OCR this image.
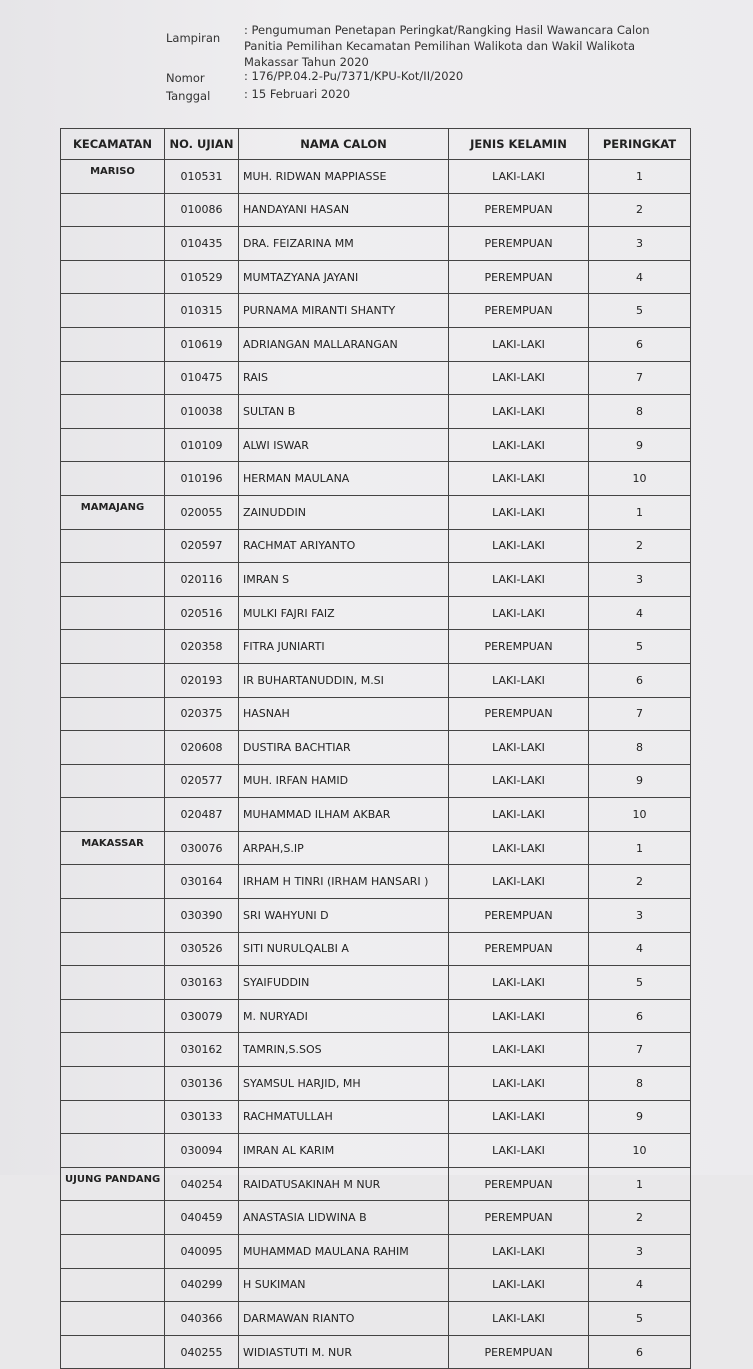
Lampiran
: Pengumuman Penetapan Peringkat/Rangking Hasil Wawancara Calon
Panitia Pemilihan Kecamatan Pemilihan Walikota dan Wakil Walikota
Makassar Tahun 2020
Nomor	: 176/PP.04.2-Pu/7371/KPU-Kot/II/2020
Tanggal	: 15 Februari 2020
KECAMATAN	NO. UJIAN	NAMA CALON	JENIS KELAMIN	PERINGKAT
MARISO	010531	MUH. RIDWAN MAPPIASSE	LAKI-LAKI	1
	010086	HANDAYANI HASAN	PEREMPUAN	2
	010435	DRA. FEIZARINA MM	PEREMPUAN	3
	010529	MUMTAZYANA JAYANI	PEREMPUAN	4
	010315	PURNAMA MIRANTI SHANTY	PEREMPUAN	5
	010619	ADRIANGAN MALLARANGAN	LAKI-LAKI	6
	010475	RAIS	LAKI-LAKI	7
	010038	SULTAN B	LAKI-LAKI	8
	010109	ALWI ISWAR	LAKI-LAKI	9
	010196	HERMAN MAULANA	LAKI-LAKI	10
MAMAJANG	020055	ZAINUDDIN	LAKI-LAKI	1
	020597	RACHMAT ARIYANTO	LAKI-LAKI	2
	020116	IMRAN S	LAKI-LAKI	3
	020516	MULKI FAJRI FAIZ	LAKI-LAKI	4
	020358	FITRA JUNIARTI	PEREMPUAN	5
	020193	IR BUHARTANUDDIN, M.SI	LAKI-LAKI	6
	020375	HASNAH	PEREMPUAN	7
	020608	DUSTIRA BACHTIAR	LAKI-LAKI	8
	020577	MUH. IRFAN HAMID	LAKI-LAKI	9
	020487	MUHAMMAD ILHAM AKBAR	LAKI-LAKI	10
MAKASSAR	030076	ARPAH,S.IP	LAKI-LAKI	1
	030164	IRHAM H TINRI (IRHAM HANSARI )	LAKI-LAKI	2
	030390	SRI WAHYUNI D	PEREMPUAN	3
	030526	SITI NURULQALBI A	PEREMPUAN	4
	030163	SYAIFUDDIN	LAKI-LAKI	5
	030079	M. NURYADI	LAKI-LAKI	6
	030162	TAMRIN,S.SOS	LAKI-LAKI	7
	030136	SYAMSUL HARJID, MH	LAKI-LAKI	8
	030133	RACHMATULLAH	LAKI-LAKI	9
	030094	IMRAN AL KARIM	LAKI-LAKI	10
UJUNG PANDANG	040254	RAIDATUSAKINAH M NUR	PEREMPUAN	1
	040459	ANASTASIA LIDWINA B	PEREMPUAN	2
	040095	MUHAMMAD MAULANA RAHIM	LAKI-LAKI	3
	040299	H SUKIMAN	LAKI-LAKI	4
	040366	DARMAWAN RIANTO	LAKI-LAKI	5
	040255	WIDIASTUTI M. NUR	PEREMPUAN	6
